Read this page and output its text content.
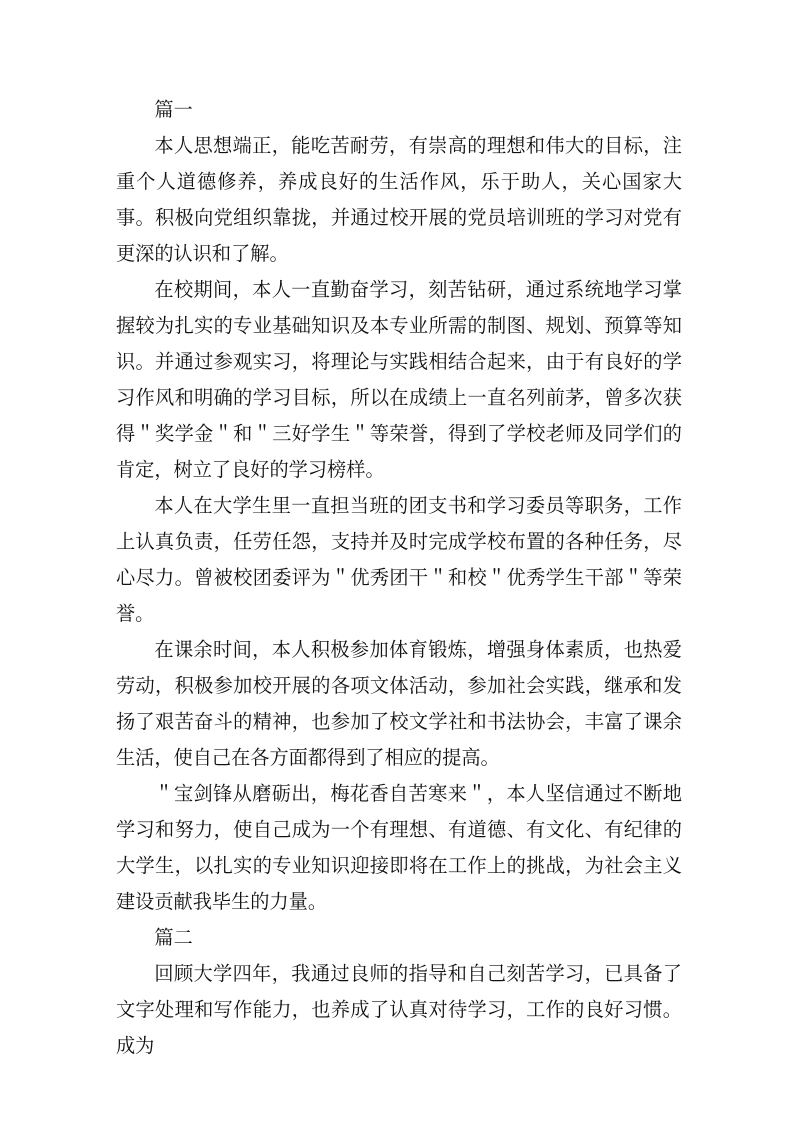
篇一

本人思想端正，能吃苦耐劳，有崇高的理想和伟大的目标，注重个人道德修养，养成良好的生活作风，乐于助人，关心国家大事。积极向党组织靠拢，并通过校开展的党员培训班的学习对党有更深的认识和了解。

在校期间，本人一直勤奋学习，刻苦钻研，通过系统地学习掌握较为扎实的专业基础知识及本专业所需的制图、规划、预算等知识。并通过参观实习，将理论与实践相结合起来，由于有良好的学习作风和明确的学习目标，所以在成绩上一直名列前茅，曾多次获得＂奖学金＂和＂三好学生＂等荣誉，得到了学校老师及同学们的肯定，树立了良好的学习榜样。

本人在大学生里一直担当班的团支书和学习委员等职务，工作上认真负责，任劳任怨，支持并及时完成学校布置的各种任务，尽心尽力。曾被校团委评为＂优秀团干＂和校＂优秀学生干部＂等荣誉。

在课余时间，本人积极参加体育锻炼，增强身体素质，也热爱劳动，积极参加校开展的各项文体活动，参加社会实践，继承和发扬了艰苦奋斗的精神，也参加了校文学社和书法协会，丰富了课余生活，使自己在各方面都得到了相应的提高。

＂宝剑锋从磨砺出，梅花香自苦寒来＂，本人坚信通过不断地学习和努力，使自己成为一个有理想、有道德、有文化、有纪律的大学生，以扎实的专业知识迎接即将在工作上的挑战，为社会主义建设贡献我毕生的力量。

篇二

回顾大学四年，我通过良师的指导和自己刻苦学习，已具备了文字处理和写作能力，也养成了认真对待学习，工作的良好习惯。成为
